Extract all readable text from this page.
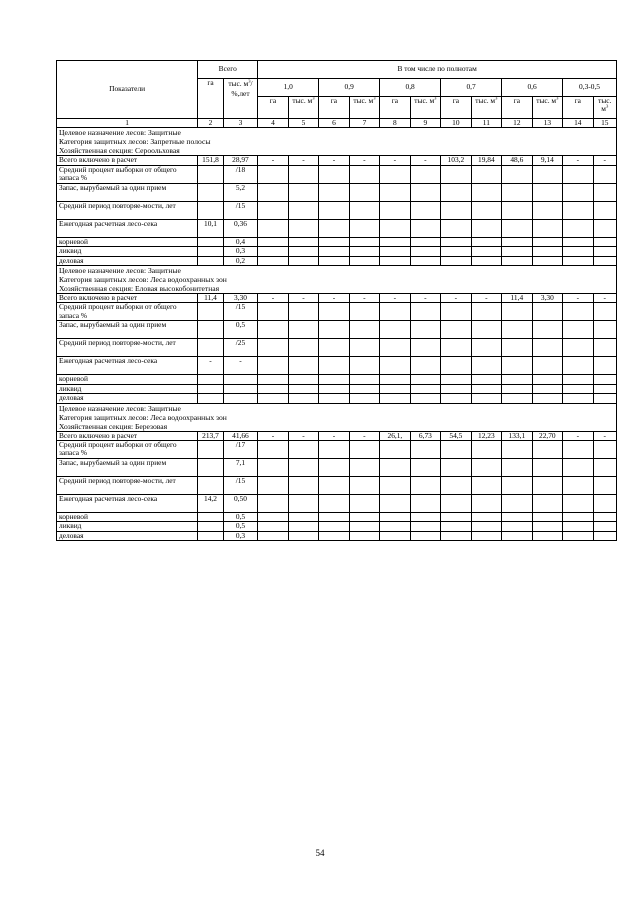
Показатели	Всего		В том числе по полнотам											
	га	тыс. $м^3/$ %,лет	1,0		0,9		0,8		0,7		0,6		0,3-0,5	
			га	тыс. $м^3$	га	тыс. $м^3$	га	тыс. $м^3$	га	тыс. $м^3$	га	тыс. $м^3$	га	тыс. $м^3$
1	2	3	4	5	6	7	8	9	10	11	12	13	14	15

Целевое назначение лесов: Защитные
Категория защитных лесов: Запретные полосы
Хозяйственная секция: Сероольховая														

Всего включено в расчет	151,8	28,97	-	-	-	-	-	-	103,2	19,84	48,6	9,14	-	-
Средний процент выборки от общего запаса %		/18												
Запас, вырубаемый за один прием		5,2												
Средний период повторяе-мости, лет		/15												
Ежегодная расчетная лесо-сека	10,1	0,36												
корневой		0,4												
ликвид		0,3												
деловая		0,2												

Целевое назначение лесов: Защитные
Категория защитных лесов: Леса водоохранных зон
Хозяйственная секция: Еловая высокобонитетная														

Всего включено в расчет	11,4	3,30	-	-	-	-	-	-	-	-	11,4	3,30	-	-
Средний процент выборки от общего запаса %		/15												
Запас, вырубаемый за один прием		0,5												
Средний период повторяе-мости, лет		/25												
Ежегодная расчетная лесо-сека	-	-												
корневой														
ликвид														
деловая														

Целевое назначение лесов: Защитные
Категория защитных лесов: Леса водоохранных зон
Хозяйственная секция: Березовая														

Всего включено в расчет	213,7	41,66	-	-	-	-	26,1,	6,73	54,5	12,23	133,1	22,70	-	-
Средний процент выборки от общего запаса %		/17												
Запас, вырубаемый за один прием		7,1												
Средний период повторяе-мости, лет		/15												
Ежегодная расчетная лесо-сека	14,2	0,50												
корневой		0,5												
ликвид		0,5												
деловая		0,3												
54
